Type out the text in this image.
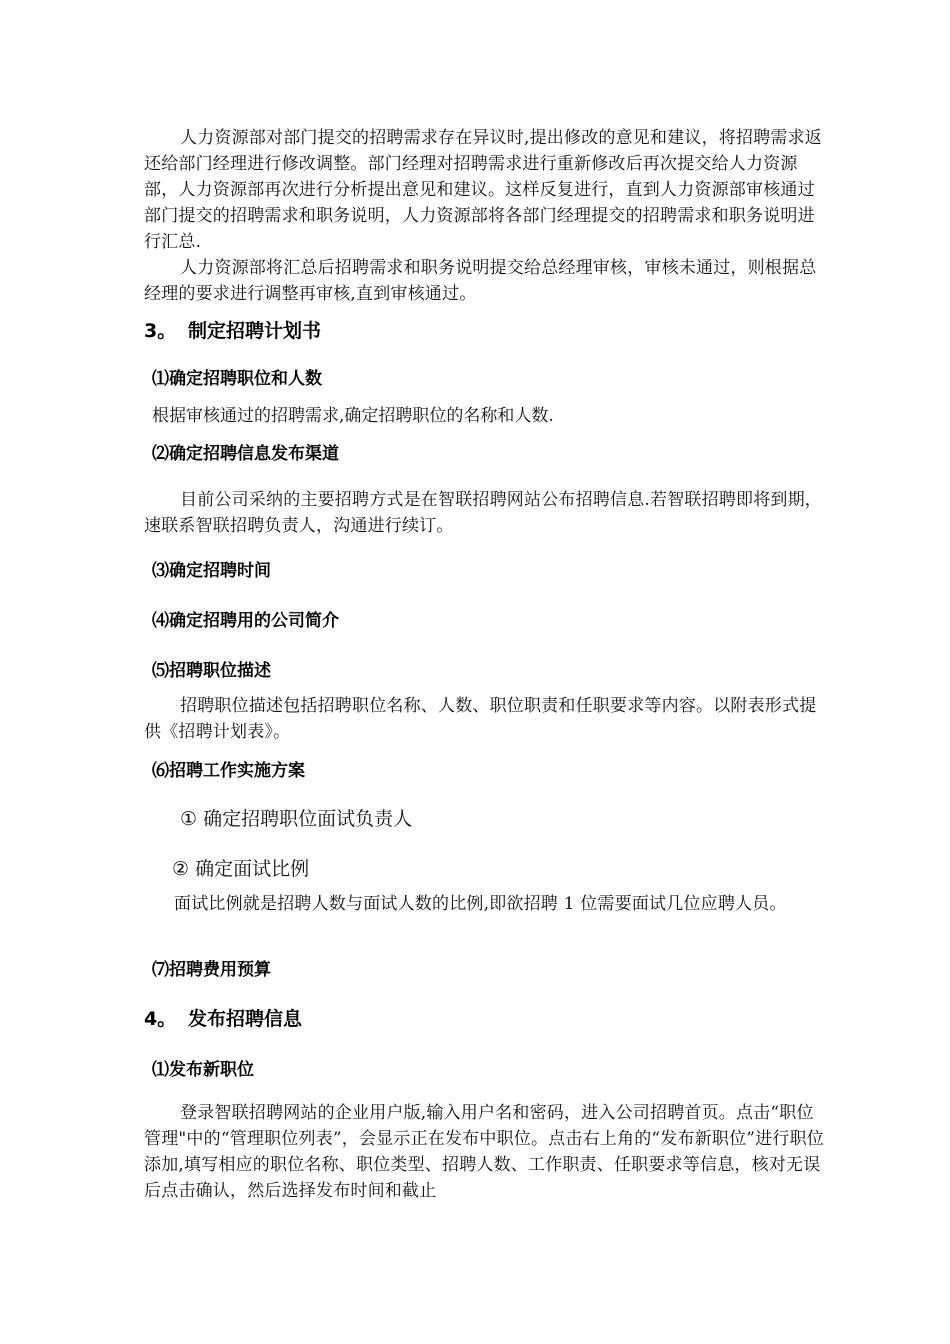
人力资源部对部门提交的招聘需求存在异议时,提出修改的意见和建议，将招聘需求返还给部门经理进行修改调整。部门经理对招聘需求进行重新修改后再次提交给人力资源部，人力资源部再次进行分析提出意见和建议。这样反复进行，直到人力资源部审核通过部门提交的招聘需求和职务说明，人力资源部将各部门经理提交的招聘需求和职务说明进行汇总.

人力资源部将汇总后招聘需求和职务说明提交给总经理审核，审核未通过，则根据总经理的要求进行调整再审核,直到审核通过。

3。 制定招聘计划书
⑴确定招聘职位和人数
根据审核通过的招聘需求,确定招聘职位的名称和人数.
⑵确定招聘信息发布渠道

目前公司采纳的主要招聘方式是在智联招聘网站公布招聘信息.若智联招聘即将到期，速联系智联招聘负责人，沟通进行续订。

⑶确定招聘时间
⑷确定招聘用的公司简介
⑸招聘职位描述

招聘职位描述包括招聘职位名称、人数、职位职责和任职要求等内容。以附表形式提供《招聘计划表》。

⑹招聘工作实施方案
① 确定招聘职位面试负责人
② 确定面试比例

面试比例就是招聘人数与面试人数的比例,即欲招聘 1 位需要面试几位应聘人员。

⑺招聘费用预算
4。 发布招聘信息
⑴发布新职位

登录智联招聘网站的企业用户版,输入用户名和密码，进入公司招聘首页。点击“职位管理"中的“管理职位列表”，会显示正在发布中职位。点击右上角的“发布新职位”进行职位添加,填写相应的职位名称、职位类型、招聘人数、工作职责、任职要求等信息，核对无误后点击确认，然后选择发布时间和截止
